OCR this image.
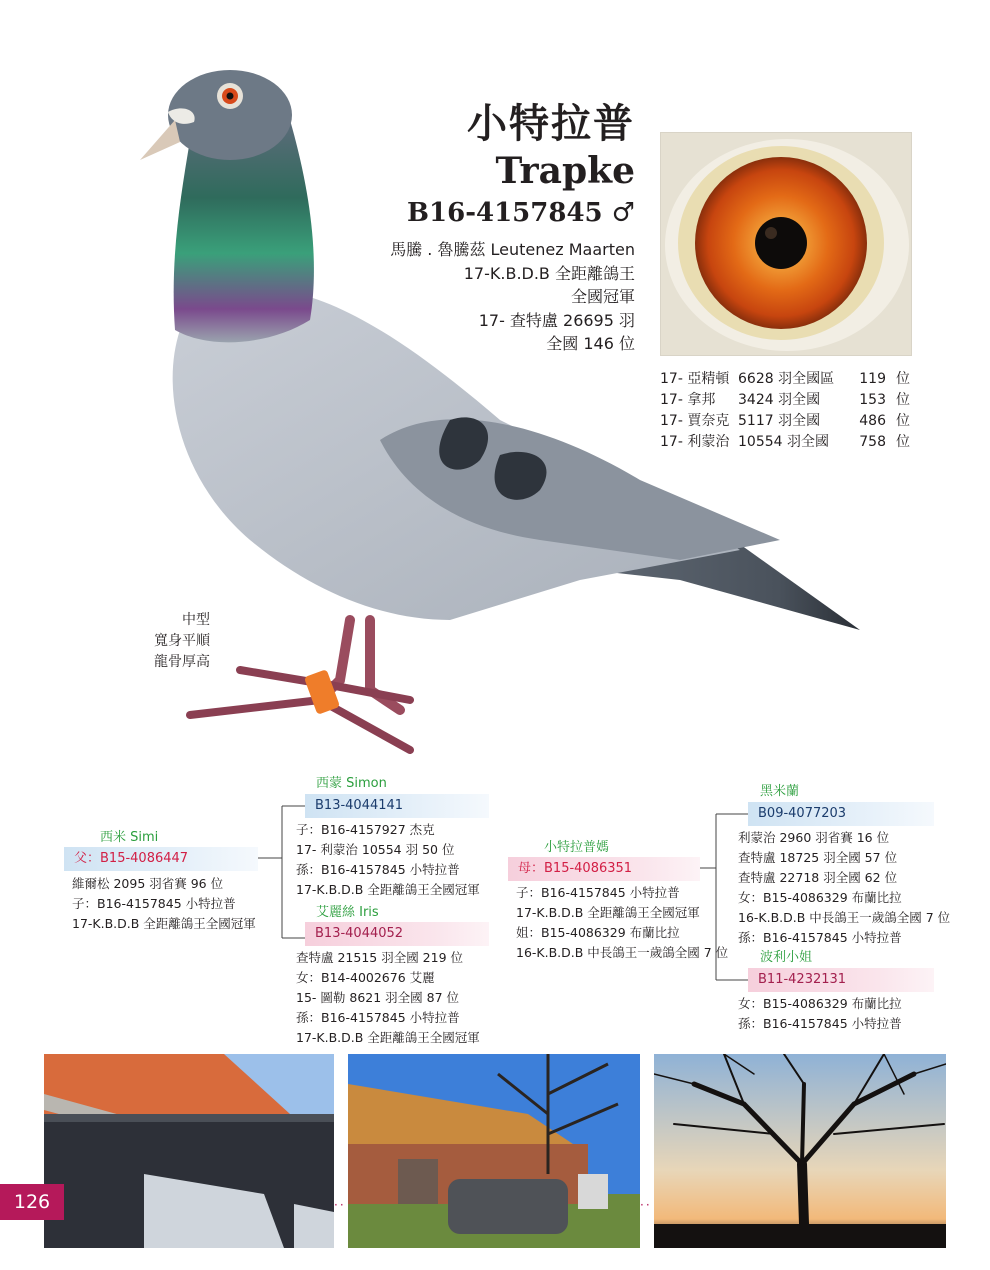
小特拉普
Trapke
B16-4157845 ♂
馬騰 . 魯騰茲 Leutenez Maarten
17-K.B.D.B 全距離鴿王
全國冠軍
17- 查特盧 26695 羽
全國 146 位
17- 亞精頓 6628 羽全國區	119 位
17- 拿邦	3424 羽全國	153 位
17- 賈奈克 5117 羽全國	486 位
17- 利蒙治 10554 羽全國	758 位
中型
寬身平順
龍骨厚高
西米 Simi
父：B15-4086447
維爾松 2095 羽省賽 96 位
子：B16-4157845 小特拉普
17-K.B.D.B 全距離鴿王全國冠軍
西蒙 Simon
B13-4044141
子：B16-4157927 杰克
17- 利蒙治 10554 羽 50 位
孫：B16-4157845 小特拉普
17-K.B.D.B 全距離鴿王全國冠軍
艾麗絲 Iris
B13-4044052
查特盧 21515 羽全國 219 位
女：B14-4002676 艾麗
15- 圖勒 8621 羽全國 87 位
孫：B16-4157845 小特拉普
17-K.B.D.B 全距離鴿王全國冠軍
小特拉普媽
母：B15-4086351
子：B16-4157845 小特拉普
17-K.B.D.B 全距離鴿王全國冠軍
姐：B15-4086329 布蘭比拉
16-K.B.D.B 中長鴿王一歲鴿全國 7 位
黑米蘭
B09-4077203
利蒙治 2960 羽省賽 16 位
查特盧 18725 羽全國 57 位
查特盧 22718 羽全國 62 位
女：B15-4086329 布蘭比拉
16-K.B.D.B 中長鴿王一歲鴿全國 7 位
孫：B16-4157845 小特拉普
波利小姐
B11-4232131
女：B15-4086329 布蘭比拉
孫：B16-4157845 小特拉普
··	··
126
